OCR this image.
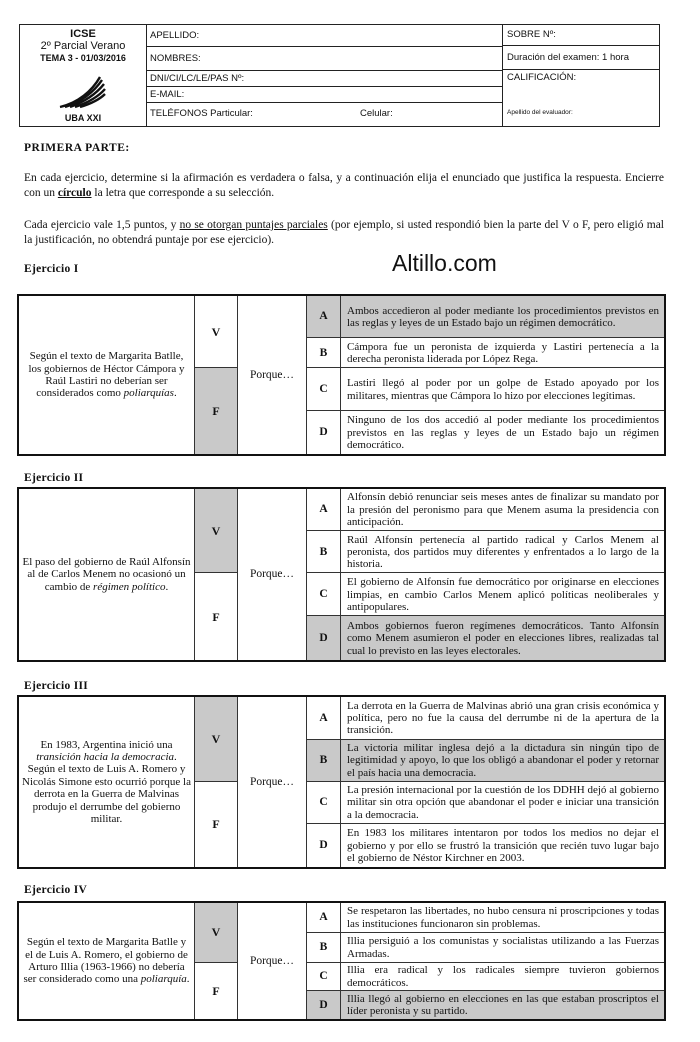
ICSE
2º Parcial Verano
TEMA 3 - 01/03/2016
UBA XXI
APELLIDO:
NOMBRES:
DNI/CI/LC/LE/PAS Nº:
E-MAIL:
TELÉFONOS Particular:	Celular:
SOBRE Nº:
Duración del examen: 1 hora
CALIFICACIÓN:
Apellido del evaluador:
PRIMERA PARTE:
En cada ejercicio, determine si la afirmación es verdadera o falsa, y a continuación elija el enunciado que justifica la respuesta. Encierre con un círculo la letra que corresponde a su selección.
Cada ejercicio vale 1,5 puntos, y no se otorgan puntajes parciales (por ejemplo, si usted respondió bien la parte del V o F, pero eligió mal la justificación, no obtendrá puntaje por ese ejercicio).
Altillo.com
Ejercicio I
Según el texto de Margarita Batlle, los gobiernos de Héctor Cámpora y Raúl Lastiri no deberían ser considerados como poliarquías.	V	Porque…	A	Ambos accedieron al poder mediante los procedimientos previstos en las reglas y leyes de un Estado bajo un régimen democrático.
			B	Cámpora fue un peronista de izquierda y Lastiri pertenecía a la derecha peronista liderada por López Rega.
	F		C	Lastiri llegó al poder por un golpe de Estado apoyado por los militares, mientras que Cámpora lo hizo por elecciones legítimas.
			D	Ninguno de los dos accedió al poder mediante los procedimientos previstos en las reglas y leyes de un Estado bajo un régimen democrático.
Ejercicio II
El paso del gobierno de Raúl Alfonsín al de Carlos Menem no ocasionó un cambio de régimen político.	V	Porque…	A	Alfonsín debió renunciar seis meses antes de finalizar su mandato por la presión del peronismo para que Menem asuma la presidencia con anticipación.
			B	Raúl Alfonsín pertenecía al partido radical y Carlos Menem al peronista, dos partidos muy diferentes y enfrentados a lo largo de la historia.
	F		C	El gobierno de Alfonsín fue democrático por originarse en elecciones limpias, en cambio Carlos Menem aplicó políticas neoliberales y antipopulares.
			D	Ambos gobiernos fueron regímenes democráticos. Tanto Alfonsín como Menem asumieron el poder en elecciones libres, realizadas tal cual lo previsto en las leyes electorales.
Ejercicio III
En 1983, Argentina inició una transición hacia la democracia. Según el texto de Luis A. Romero y Nicolás Simone esto ocurrió porque la derrota en la Guerra de Malvinas produjo el derrumbe del gobierno militar.	V	Porque…	A	La derrota en la Guerra de Malvinas abrió una gran crisis económica y política, pero no fue la causa del derrumbe ni de la apertura de la transición.
			B	La victoria militar inglesa dejó a la dictadura sin ningún tipo de legitimidad y apoyo, lo que los obligó a abandonar el poder y retornar el país hacia una democracia.
	F		C	La presión internacional por la cuestión de los DDHH dejó al gobierno militar sin otra opción que abandonar el poder e iniciar una transición a la democracia.
			D	En 1983 los militares intentaron por todos los medios no dejar el gobierno y por ello se frustró la transición que recién tuvo lugar bajo el gobierno de Néstor Kirchner en 2003.
Ejercicio IV
Según el texto de Margarita Batlle y el de Luis A. Romero, el gobierno de Arturo Illia (1963-1966) no debería ser considerado como una poliarquía.	V	Porque…	A	Se respetaron las libertades, no hubo censura ni proscripciones y todas las instituciones funcionaron sin problemas.
			B	Illia persiguió a los comunistas y socialistas utilizando a las Fuerzas Armadas.
	F		C	Illia era radical y los radicales siempre tuvieron gobiernos democráticos.
			D	Illia llegó al gobierno en elecciones en las que estaban proscriptos el líder peronista y su partido.
